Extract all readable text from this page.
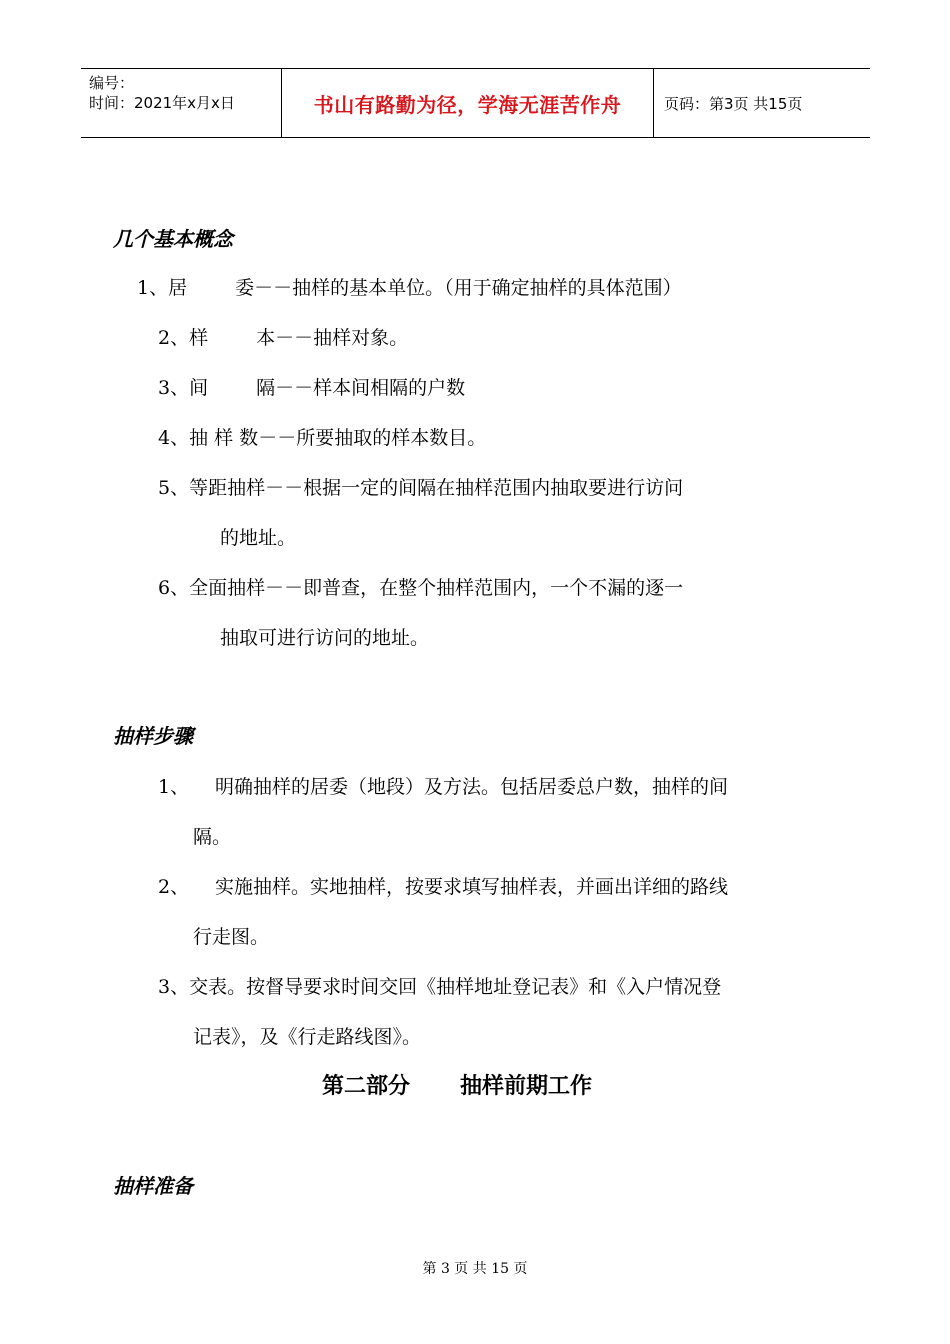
编号：
时间：2021年x月x日	书山有路勤为径，学海无涯苦作舟	页码：第3页 共15页
几个基本概念
1、居	委－－抽样的基本单位。（用于确定抽样的具体范围）
2、样	本－－抽样对象。
3、间	隔－－样本间相隔的户数
4、抽 样 数－－所要抽取的样本数目。
5、等距抽样－－根据一定的间隔在抽样范围内抽取要进行访问
的地址。
6、全面抽样－－即普查，在整个抽样范围内，一个不漏的逐一
抽取可进行访问的地址。
抽样步骤
1、 明确抽样的居委（地段）及方法。包括居委总户数，抽样的间
隔。
2、 实施抽样。实地抽样，按要求填写抽样表，并画出详细的路线
行走图。
3、交表。按督导要求时间交回《抽样地址登记表》和《入户情况登
记表》，及《行走路线图》。
第二部分 抽样前期工作
抽样准备
第 3 页 共 15 页
